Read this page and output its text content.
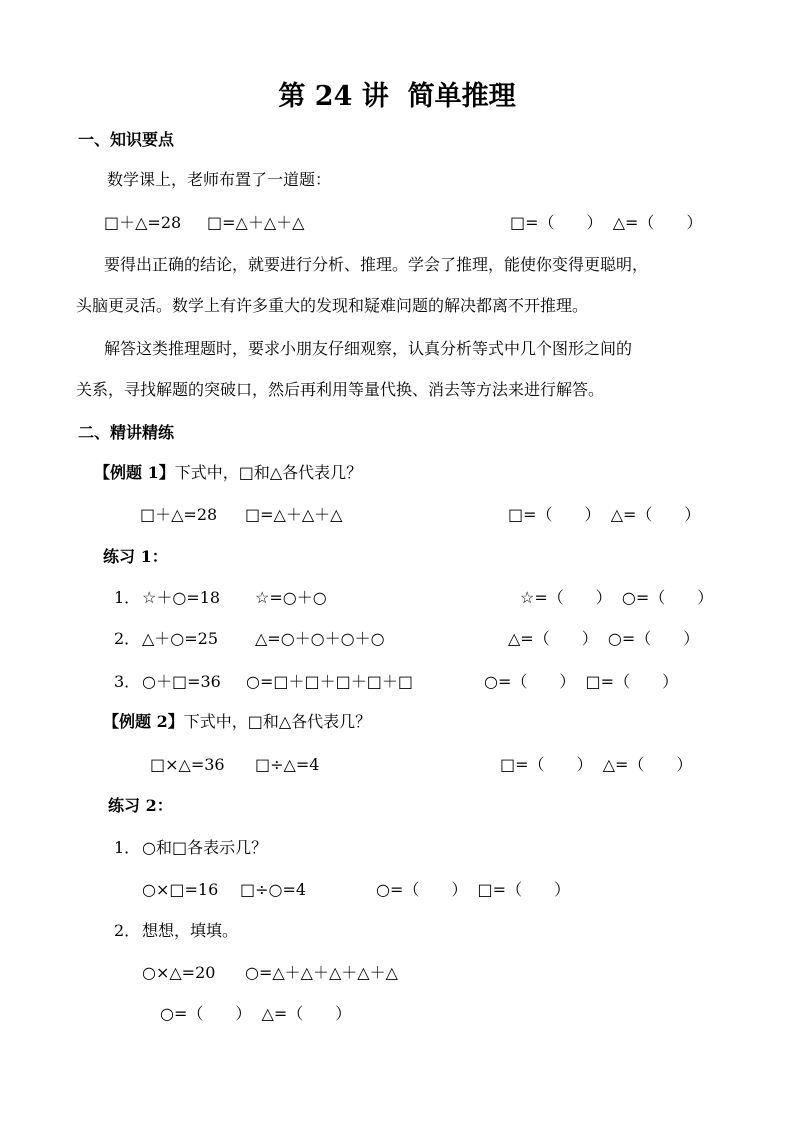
第 24 讲  简单推理
一、知识要点
数学课上，老师布置了一道题：
□＋△=28 □=△＋△＋△	□=（　　）  △=（　　）
要得出正确的结论，就要进行分析、推理。学会了推理，能使你变得更聪明，
头脑更灵活。数学上有许多重大的发现和疑难问题的解决都离不开推理。
解答这类推理题时，要求小朋友仔细观察，认真分析等式中几个图形之间的
关系，寻找解题的突破口，然后再利用等量代换、消去等方法来进行解答。
二、精讲精练
【例题 1】下式中，□和△各代表几？
□＋△=28 □=△＋△＋△	□=（　　）  △=（　　）
练习 1：
1． ☆＋○=18 ☆=○＋○	☆=（　　）  ○=（　　）
2． △＋○=25 △=○＋○＋○＋○	△=（　　）  ○=（　　）
3． ○＋□=36 ○=□＋□＋□＋□＋□	○=（　　）  □=（　　）
【例题 2】下式中，□和△各代表几？
□×△=36 □÷△=4	□=（　　）  △=（　　）
练习 2：
1． ○和□各表示几？
○×□=16 □÷○=4	○=（　　）  □=（　　）
2． 想想，填填。
○×△=20 ○=△＋△＋△＋△＋△
○=（　　）  △=（　　）
